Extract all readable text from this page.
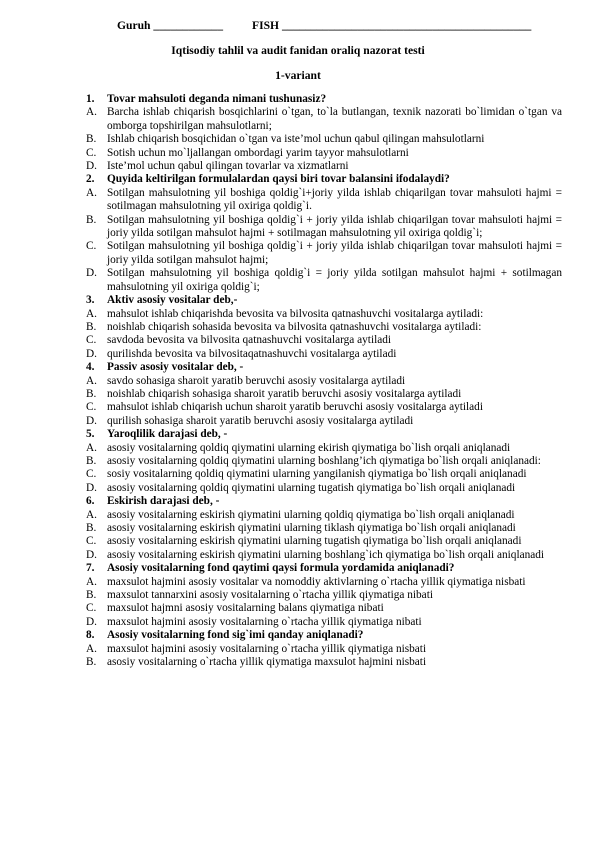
Guruh ____________	FISH ___________________________________________
Iqtisodiy tahlil va audit fanidan oraliq nazorat testi
1-variant
1.	Tovar mahsuloti deganda nimani tushunasiz?
A. Barcha ishlab chiqarish bosqichlarini o`tgan, to`la butlangan, texnik nazorati bo`limidan o`tgan va omborga topshirilgan mahsulotlarni;
B. Ishlab chiqarish bosqichidan o`tgan va iste’mol uchun qabul qilingan mahsulotlarni
C. Sotish uchun mo`ljallangan ombordagi yarim tayyor mahsulotlarni
D. Iste’mol uchun qabul qilingan tovarlar va xizmatlarni
2.	Quyida keltirilgan formulalardan qaysi biri tovar balansini ifodalaydi?
A. Sotilgan mahsulotning yil boshiga qoldig`i+joriy yilda ishlab chiqarilgan tovar mahsuloti hajmi = sotilmagan mahsulotning yil oxiriga qoldig`i.
B. Sotilgan mahsulotning yil boshiga qoldig`i + joriy yilda ishlab chiqarilgan tovar mahsuloti hajmi = joriy yilda sotilgan mahsulot hajmi + sotilmagan mahsulotning yil oxiriga qoldig`i;
C. Sotilgan mahsulotning yil boshiga qoldig`i + joriy yilda ishlab chiqarilgan tovar mahsuloti hajmi = joriy yilda sotilgan mahsulot hajmi;
D. Sotilgan mahsulotning yil boshiga qoldig`i = joriy yilda sotilgan mahsulot hajmi + sotilmagan mahsulotning yil oxiriga qoldig`i;
3.	Aktiv asosiy vositalar deb,-
A. mahsulot ishlab chiqarishda bevosita va bilvosita qatnashuvchi vositalarga aytiladi:
B. noishlab chiqarish sohasida bevosita va bilvosita qatnashuvchi vositalarga aytiladi:
C. savdoda bevosita va bilvosita qatnashuvchi vositalarga aytiladi
D. qurilishda bevosita va bilvositaqatnashuvchi vositalarga aytiladi
4.	Passiv asosiy vositalar deb, -
A. savdo sohasiga sharoit yaratib beruvchi asosiy vositalarga aytiladi
B. noishlab chiqarish sohasiga sharoit yaratib beruvchi asosiy vositalarga aytiladi
C. mahsulot ishlab chiqarish uchun sharoit yaratib beruvchi asosiy vositalarga aytiladi
D. qurilish sohasiga sharoit yaratib beruvchi asosiy vositalarga aytiladi
5.	Yaroqlilik darajasi deb, -
A. asosiy vositalarning qoldiq qiymatini ularning ekirish qiymatiga bo`lish orqali aniqlanadi
B. asosiy vositalarning qoldiq qiymatini ularning boshlang’ich qiymatiga bo`lish orqali aniqlanadi:
C. sosiy vositalarning qoldiq qiymatini ularning yangilanish qiymatiga bo`lish orqali aniqlanadi
D. asosiy vositalarning qoldiq qiymatini ularning tugatish qiymatiga bo`lish orqali aniqlanadi
6.	Eskirish darajasi deb, -
A. asosiy vositalarning eskirish qiymatini ularning qoldiq qiymatiga bo`lish orqali aniqlanadi
B. asosiy vositalarning eskirish qiymatini ularning tiklash qiymatiga bo`lish orqali aniqlanadi
C. asosiy vositalarning eskirish qiymatini ularning tugatish qiymatiga bo`lish orqali aniqlanadi
D. asosiy vositalarning eskirish qiymatini ularning boshlang`ich qiymatiga bo`lish orqali aniqlanadi
7.	Asosiy vositalarning fond qaytimi qaysi formula yordamida aniqlanadi?
A. maxsulot hajmini asosiy vositalar va nomoddiy aktivlarning o`rtacha yillik qiymatiga nisbati
B. maxsulot tannarxini asosiy vositalarning o`rtacha yillik qiymatiga nibati
C. maxsulot hajmni asosiy vositalarning balans qiymatiga nibati
D. maxsulot hajmini asosiy vositalarning o`rtacha yillik qiymatiga nibati
8.	Asosiy vositalarning fond sig`imi qanday aniqlanadi?
A. maxsulot hajmini asosiy vositalarning o`rtacha yillik qiymatiga nisbati
B. asosiy vositalarning o`rtacha yillik qiymatiga maxsulot hajmini nisbati
